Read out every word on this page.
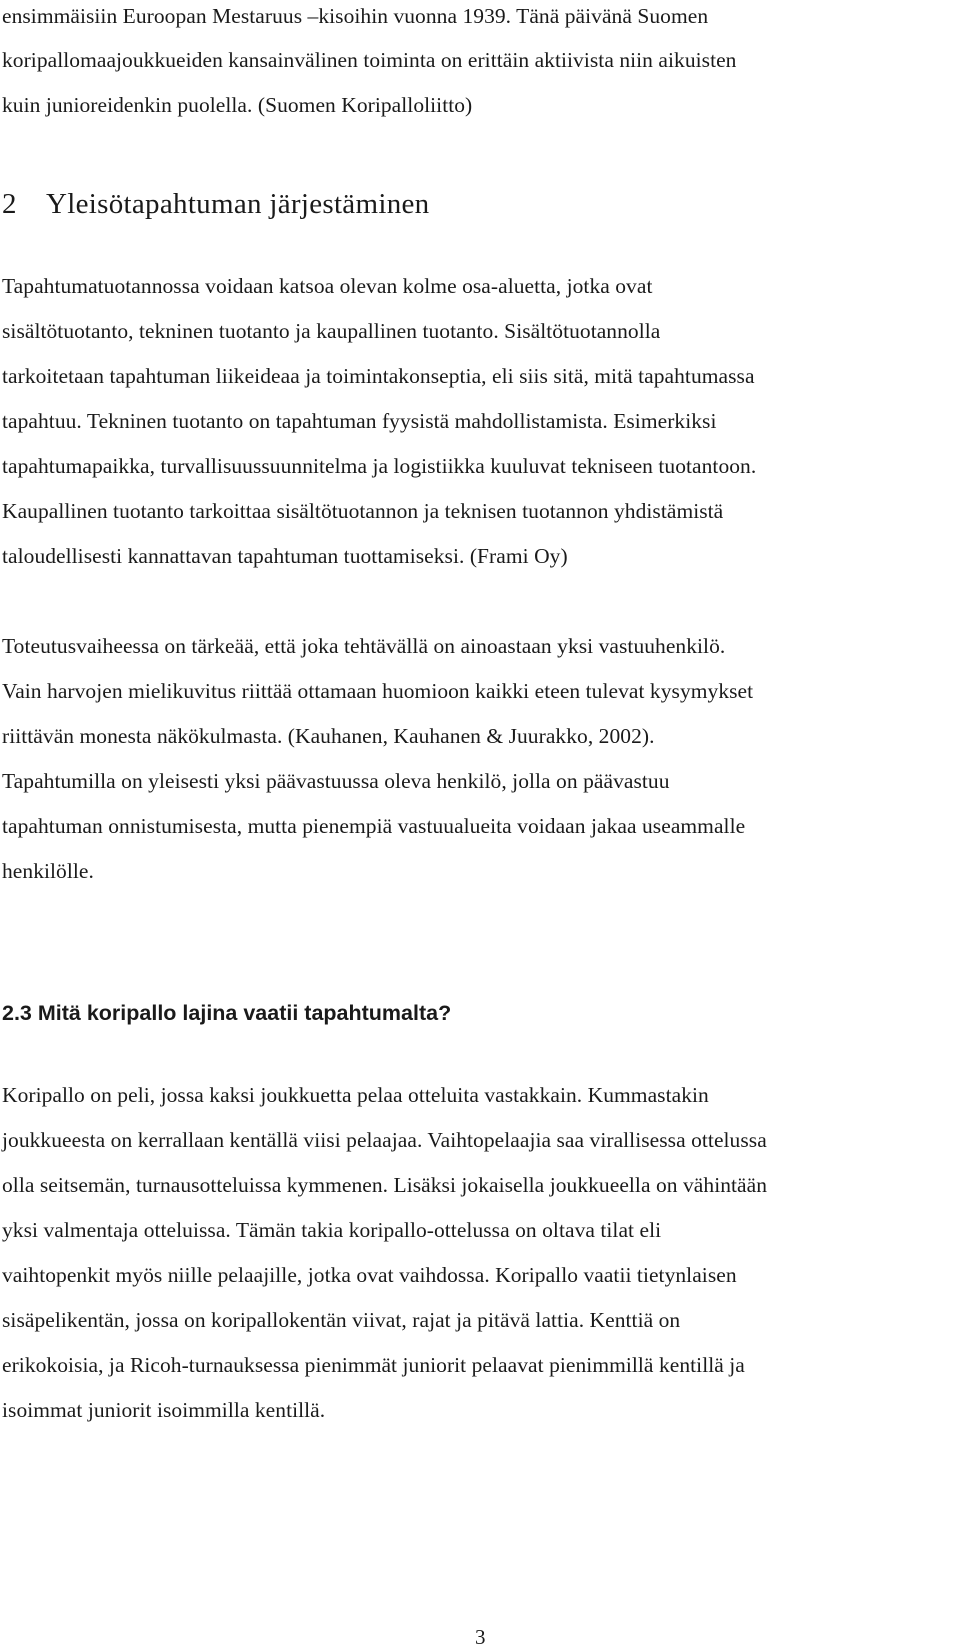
ensimmäisiin Euroopan Mestaruus –kisoihin vuonna 1939. Tänä päivänä Suomen

koripallomaajoukkueiden kansainvälinen toiminta on erittäin aktiivista niin aikuisten

kuin junioreidenkin puolella. (Suomen Koripalloliitto)

2 Yleisötapahtuman järjestäminen

Tapahtumatuotannossa voidaan katsoa olevan kolme osa-aluetta, jotka ovat

sisältötuotanto, tekninen tuotanto ja kaupallinen tuotanto. Sisältötuotannolla

tarkoitetaan tapahtuman liikeideaa ja toimintakonseptia, eli siis sitä, mitä tapahtumassa

tapahtuu. Tekninen tuotanto on tapahtuman fyysistä mahdollistamista. Esimerkiksi

tapahtumapaikka, turvallisuussuunnitelma ja logistiikka kuuluvat tekniseen tuotantoon.

Kaupallinen tuotanto tarkoittaa sisältötuotannon ja teknisen tuotannon yhdistämistä

taloudellisesti kannattavan tapahtuman tuottamiseksi. (Frami Oy)

Toteutusvaiheessa on tärkeää, että joka tehtävällä on ainoastaan yksi vastuuhenkilö.

Vain harvojen mielikuvitus riittää ottamaan huomioon kaikki eteen tulevat kysymykset

riittävän monesta näkökulmasta. (Kauhanen, Kauhanen & Juurakko, 2002).

Tapahtumilla on yleisesti yksi päävastuussa oleva henkilö, jolla on päävastuu

tapahtuman onnistumisesta, mutta pienempiä vastuualueita voidaan jakaa useammalle

henkilölle.

2.3 Mitä koripallo lajina vaatii tapahtumalta?

Koripallo on peli, jossa kaksi joukkuetta pelaa otteluita vastakkain. Kummastakin

joukkueesta on kerrallaan kentällä viisi pelaajaa. Vaihtopelaajia saa virallisessa ottelussa

olla seitsemän, turnausotteluissa kymmenen. Lisäksi jokaisella joukkueella on vähintään

yksi valmentaja otteluissa. Tämän takia koripallo-ottelussa on oltava tilat eli

vaihtopenkit myös niille pelaajille, jotka ovat vaihdossa. Koripallo vaatii tietynlaisen

sisäpelikentän, jossa on koripallokentän viivat, rajat ja pitävä lattia. Kenttiä on

erikokoisia, ja Ricoh-turnauksessa pienimmät juniorit pelaavat pienimmillä kentillä ja

isoimmat juniorit isoimmilla kentillä.

3
